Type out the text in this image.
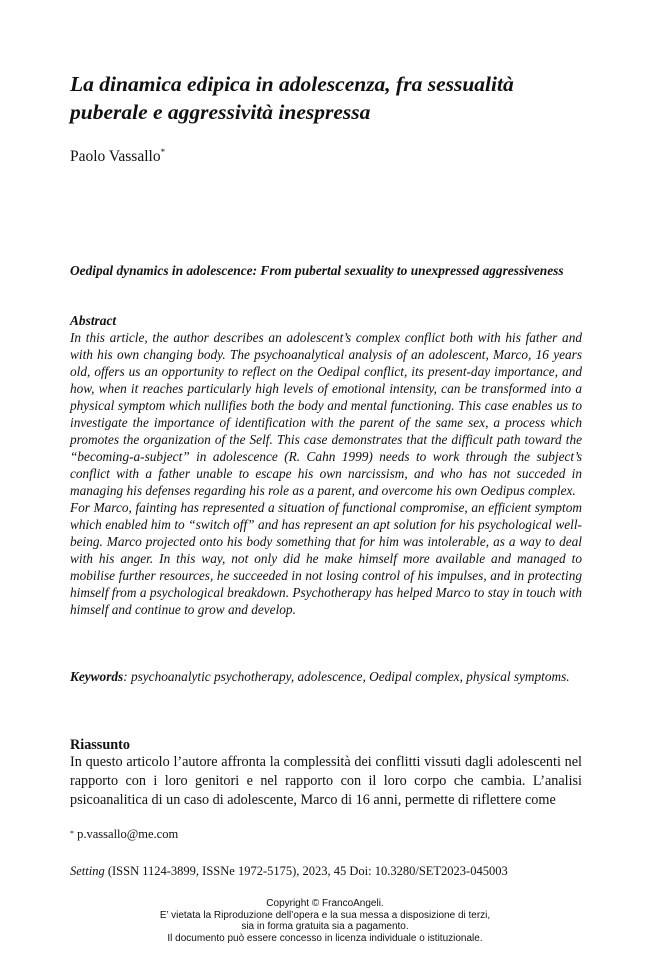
La dinamica edipica in adolescenza, fra sessualità puberale e aggressività inespressa

Paolo Vassallo*

Oedipal dynamics in adolescence: From pubertal sexuality to unexpressed aggressiveness
Abstract

In this article, the author describes an adolescent’s complex conflict both with his father and with his own changing body. The psychoanalytical analysis of an adolescent, Marco, 16 years old, offers us an opportunity to reflect on the Oedipal conflict, its present-day importance, and how, when it reaches particularly high levels of emotional intensity, can be transformed into a physical symptom which nullifies both the body and mental functioning. This case enables us to investigate the importance of identification with the parent of the same sex, a process which promotes the organization of the Self. This case demonstrates that the difficult path toward the “becoming-a-subject” in adolescence (R. Cahn 1999) needs to work through the subject’s conflict with a father unable to escape his own narcissism, and who has not succeded in managing his defenses regarding his role as a parent, and overcome his own Oedipus complex.

For Marco, fainting has represented a situation of functional compromise, an efficient symptom which enabled him to “switch off” and has represent an apt solution for his psychological well-being. Marco projected onto his body something that for him was intolerable, as a way to deal with his anger. In this way, not only did he make himself more available and managed to mobilise further resources, he succeeded in not losing control of his impulses, and in protecting himself from a psychological breakdown. Psychotherapy has helped Marco to stay in touch with himself and continue to grow and develop.

Keywords: psychoanalytic psychotherapy, adolescence, Oedipal complex, physical symptoms.

Riassunto

In questo articolo l’autore affronta la complessità dei conflitti vissuti dagli adolescenti nel rapporto con i loro genitori e nel rapporto con il loro corpo che cambia. L’analisi psicoanalitica di un caso di adolescente, Marco di 16 anni, permette di riflettere come

* p.vassallo@me.com

Setting (ISSN 1124-3899, ISSNe 1972-5175), 2023, 45 Doi: 10.3280/SET2023-045003

Copyright © FrancoAngeli.
E’ vietata la Riproduzione dell’opera e la sua messa a disposizione di terzi,
sia in forma gratuita sia a pagamento.
Il documento può essere concesso in licenza individuale o istituzionale.
